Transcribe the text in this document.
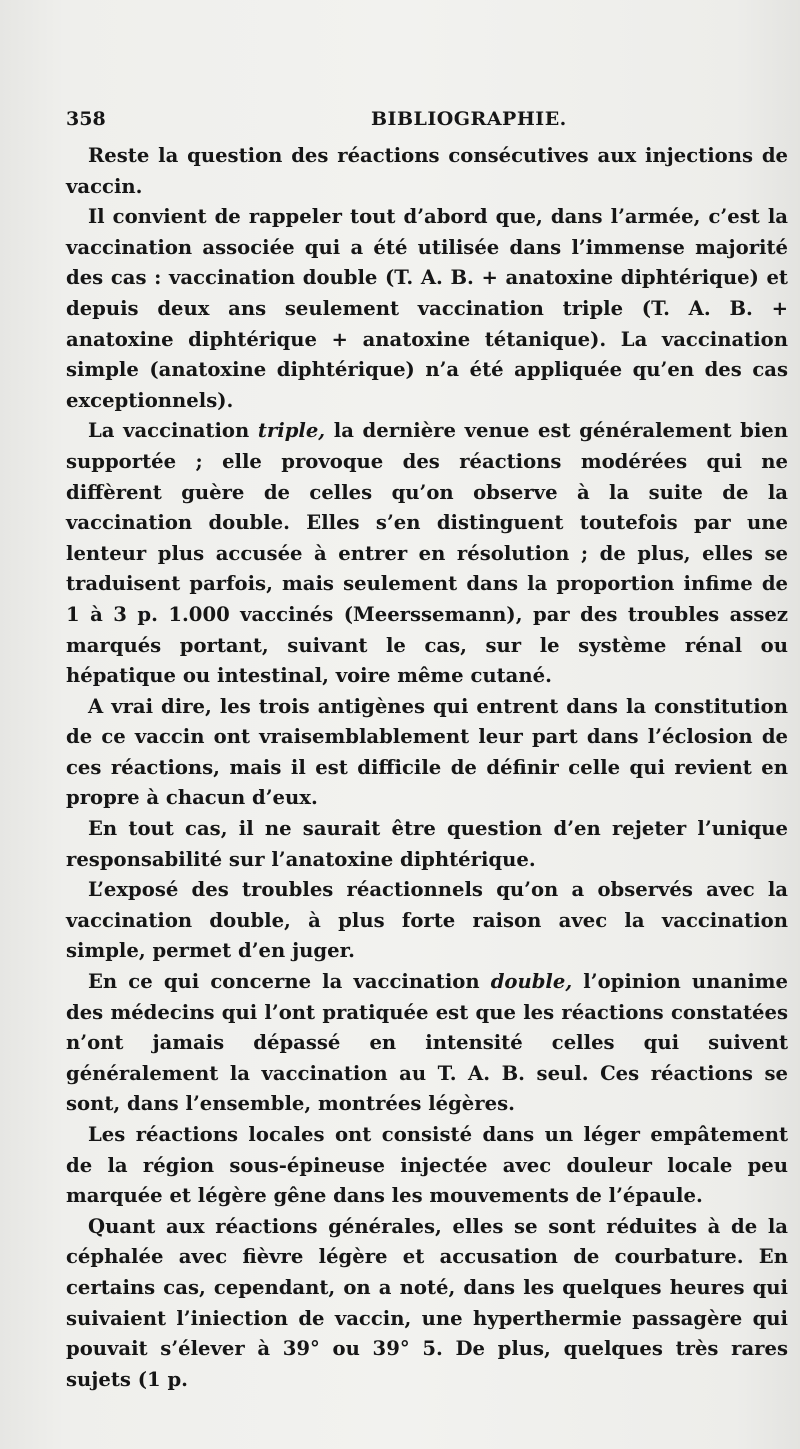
358	BIBLIOGRAPHIE.

Reste la question des réactions consécutives aux injections de vaccin.

Il convient de rappeler tout d’abord que, dans l’armée, c’est la vaccination associée qui a été utilisée dans l’immense majorité des cas : vaccination double (T. A. B. + anatoxine diphtérique) et depuis deux ans seulement vaccination triple (T. A. B. + anatoxine diphtérique + anatoxine tétanique). La vaccination simple (anatoxine diphtérique) n’a été appliquée qu’en des cas exceptionnels).

La vaccination triple, la dernière venue est généralement bien supportée ; elle provoque des réactions modérées qui ne diffèrent guère de celles qu’on observe à la suite de la vaccination double. Elles s’en distinguent toutefois par une lenteur plus accusée à entrer en résolution ; de plus, elles se traduisent parfois, mais seulement dans la proportion infime de 1 à 3 p. 1.000 vaccinés (Meerssemann), par des troubles assez marqués portant, suivant le cas, sur le système rénal ou hépatique ou intestinal, voire même cutané.

A vrai dire, les trois antigènes qui entrent dans la constitution de ce vaccin ont vraisemblablement leur part dans l’éclosion de ces réactions, mais il est difficile de définir celle qui revient en propre à chacun d’eux.

En tout cas, il ne saurait être question d’en rejeter l’unique responsabilité sur l’anatoxine diphtérique.

L’exposé des troubles réactionnels qu’on a observés avec la vaccination double, à plus forte raison avec la vaccination simple, permet d’en juger.

En ce qui concerne la vaccination double, l’opinion unanime des médecins qui l’ont pratiquée est que les réactions constatées n’ont jamais dépassé en intensité celles qui suivent généralement la vaccination au T. A. B. seul. Ces réactions se sont, dans l’ensemble, montrées légères.

Les réactions locales ont consisté dans un léger empâtement de la région sous-épineuse injectée avec douleur locale peu marquée et légère gêne dans les mouvements de l’épaule.

Quant aux réactions générales, elles se sont réduites à de la céphalée avec fièvre légère et accusation de courbature. En certains cas, cependant, on a noté, dans les quelques heures qui suivaient l’iniection de vaccin, une hyperthermie passagère qui pouvait s’élever à 39° ou 39° 5. De plus, quelques très rares sujets (1 p.
